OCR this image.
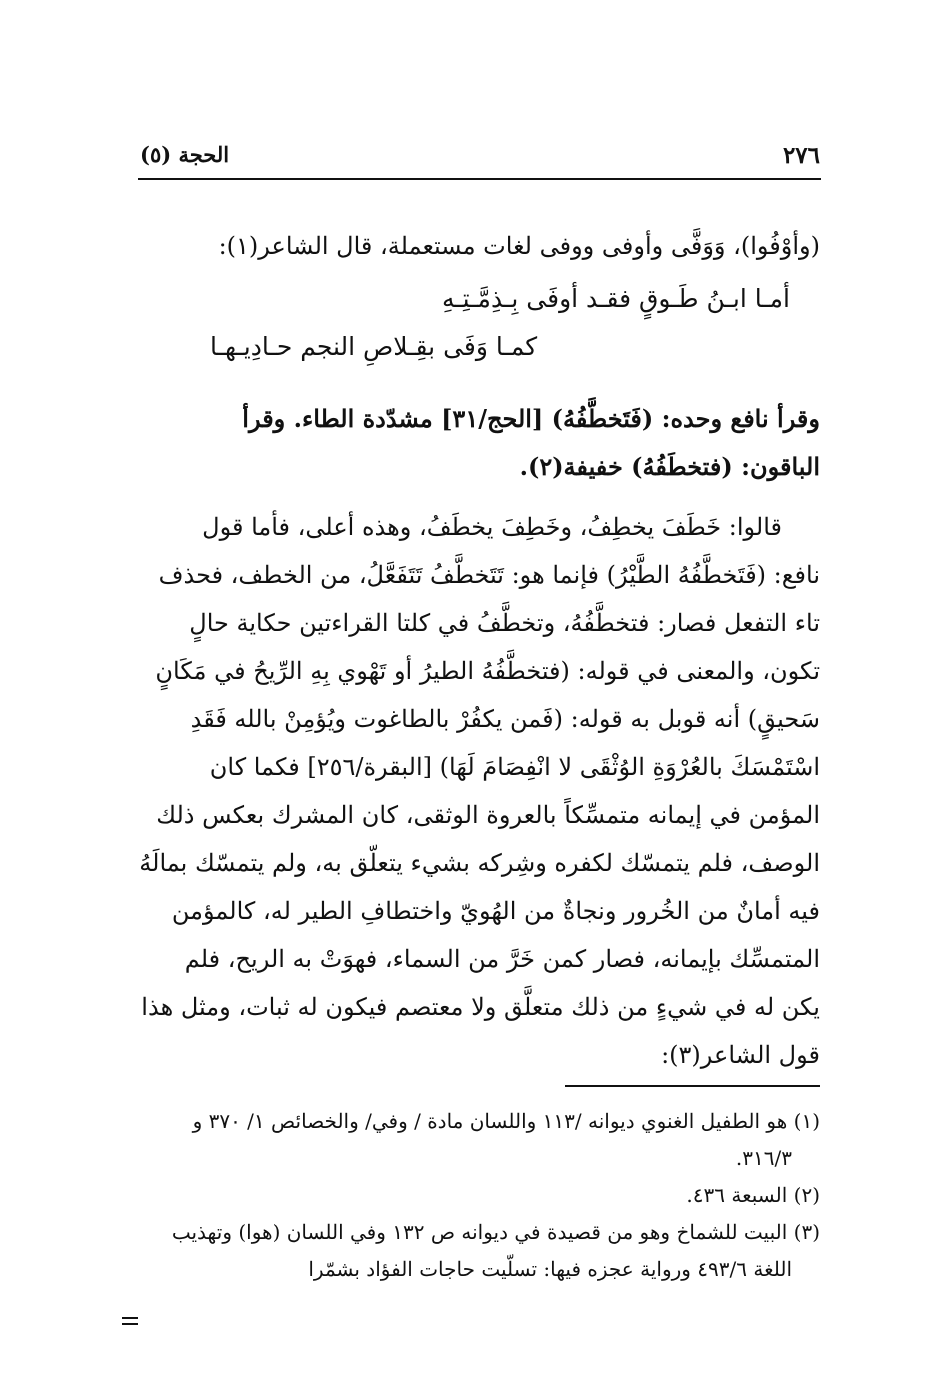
٢٧٦
الحجة (٥)
(وأوْفُوا)، وَوَفَّى وأوفى ووفى لغات مستعملة، قال الشاعر(١):
أمـا ابـنُ طَـوقٍ فقـد أوفَى بِـذِمَّـتِـهِ
كمـا وَفَى بقِـلاصِ النجم حـادِيـهـا
وقرأ نافع وحده: (فَتَخطَّفُهُ) [الحج/٣١] مشدّدة الطاء. وقرأ
الباقون: (فتخطَفُهُ) خفيفة(٢).
قالوا: خَطَفَ يخطِفُ، وخَطِفَ يخطَفُ، وهذه أعلى، فأما قول
نافع: (فَتَخطَّفُهُ الطَّيْرُ) فإنما هو: تَتَخطَّفُ تَتَفَعَّلُ، من الخطف، فحذف
تاء التفعل فصار: فتخطَّفُهُ، وتخطَّفُ في كلتا القراءتين حكاية حالٍ
تكون، والمعنى في قوله: (فتخطَّفُهُ الطيرُ أو تَهْوي بِهِ الرِّيحُ في مَكَانٍ
سَحيقٍ) أنه قوبل به قوله: (فَمن يكفُرْ بالطاغوت ويُؤمِنْ بالله فَقَدِ
اسْتَمْسَكَ بالعُرْوَةِ الوُثْقَى لا انْفِصَامَ لَهَا) [البقرة/٢٥٦] فكما كان
المؤمن في إيمانه متمسِّكاً بالعروة الوثقى، كان المشرك بعكس ذلك
الوصف، فلم يتمسّك لكفره وشِركه بشيء يتعلّق به، ولم يتمسّك بمالَهُ
فيه أمانٌ من الخُرور ونجاةٌ من الهُويّ واختطافِ الطير له، كالمؤمن
المتمسِّك بإيمانه، فصار كمن خَرَّ من السماء، فهوَتْ به الريح، فلم
يكن له في شيءٍ من ذلك متعلَّق ولا معتصم فيكون له ثبات، ومثل هذا
قول الشاعر(٣):
(١) هو الطفيل الغنوي ديوانه /١١٣ واللسان مادة / وفي/ والخصائص ١/ ٣٧٠ و
٣١٦/٣.
(٢) السبعة ٤٣٦.
(٣) البيت للشماخ وهو من قصيدة في ديوانه ص ١٣٢ وفي اللسان (هوا) وتهذيب
اللغة ٤٩٣/٦ ورواية عجزه فيها: تسلّيت حاجات الفؤاد بشمّرا
